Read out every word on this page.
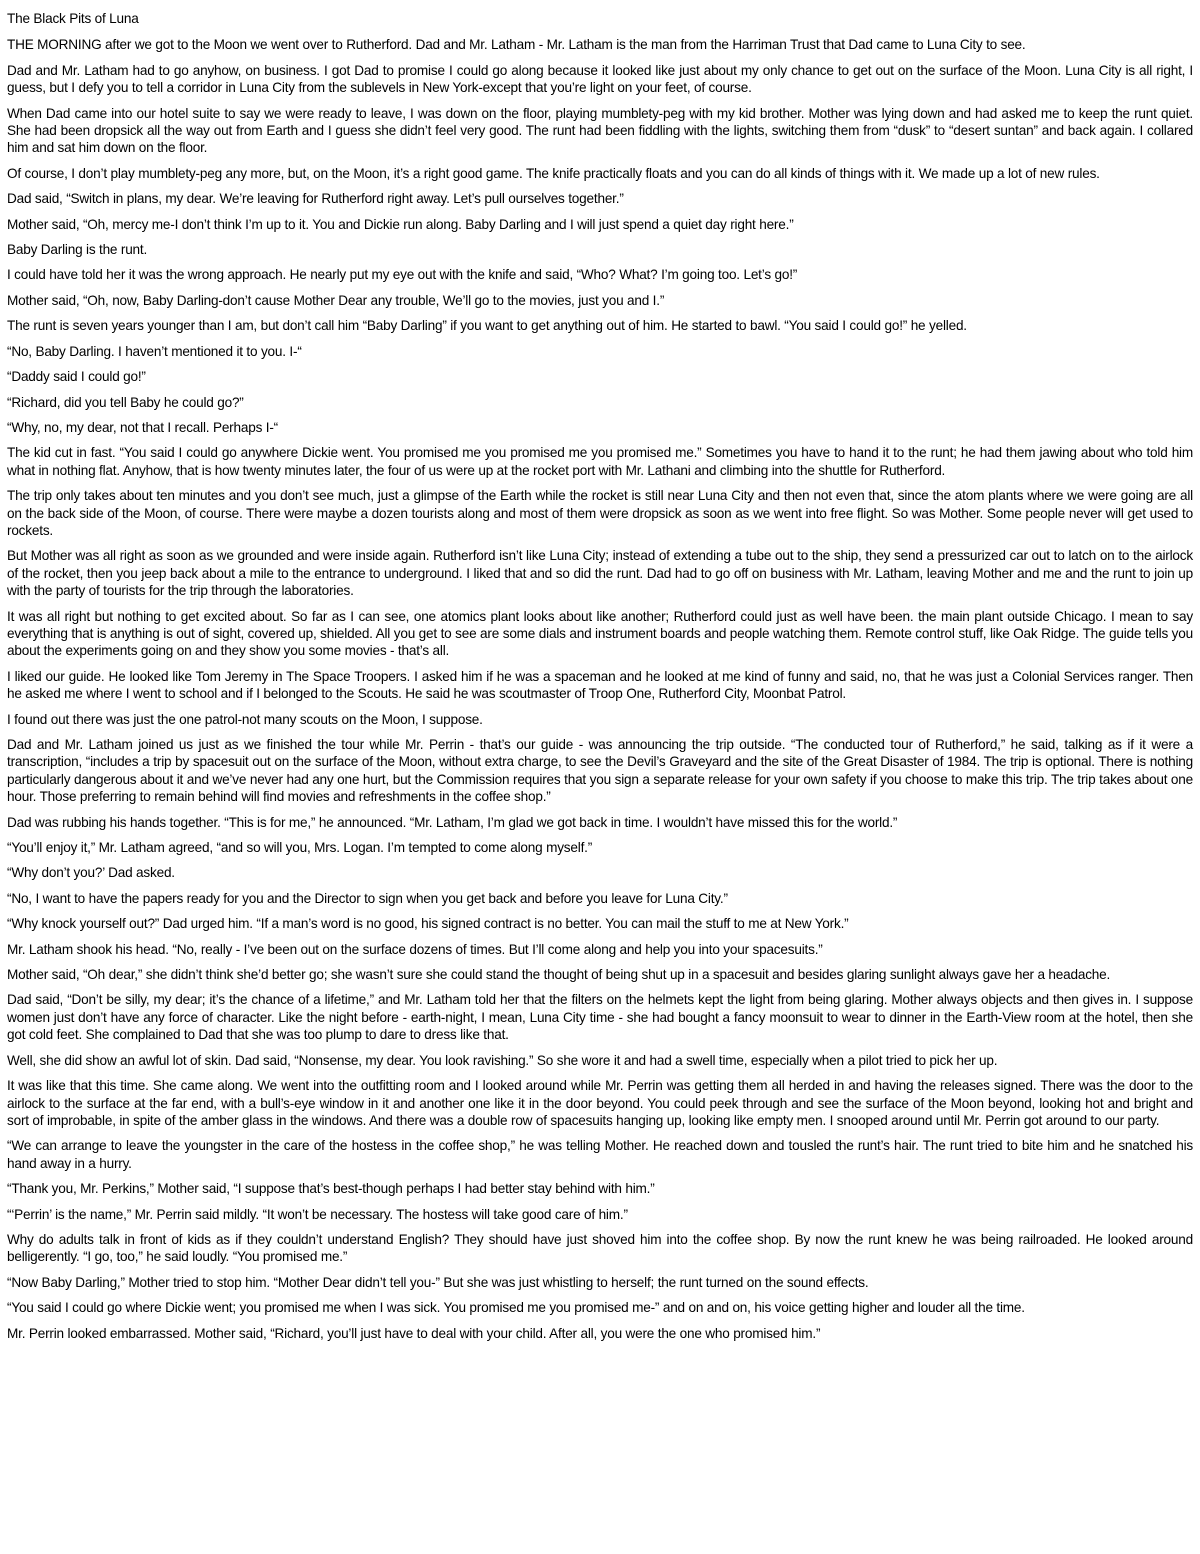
The Black Pits of Luna

THE MORNING after we got to the Moon we went over to Rutherford. Dad and Mr. Latham - Mr. Latham is the man from the Harriman Trust that Dad came to Luna City to see.

Dad and Mr. Latham had to go anyhow, on business. I got Dad to promise I could go along because it looked like just about my only chance to get out on the surface of the Moon. Luna City is all right, I guess, but I defy you to tell a corridor in Luna City from the sublevels in New York-except that you’re light on your feet, of course.

When Dad came into our hotel suite to say we were ready to leave, I was down on the floor, playing mumblety-peg with my kid brother. Mother was lying down and had asked me to keep the runt quiet. She had been dropsick all the way out from Earth and I guess she didn’t feel very good. The runt had been fiddling with the lights, switching them from “dusk” to “desert suntan” and back again. I collared him and sat him down on the floor.

Of course, I don’t play mumblety-peg any more, but, on the Moon, it’s a right good game. The knife practically floats and you can do all kinds of things with it. We made up a lot of new rules.

Dad said, “Switch in plans, my dear. We’re leaving for Rutherford right away. Let’s pull ourselves together.”

Mother said, “Oh, mercy me-I don’t think I’m up to it. You and Dickie run along. Baby Darling and I will just spend a quiet day right here.”

Baby Darling is the runt.

I could have told her it was the wrong approach. He nearly put my eye out with the knife and said, “Who? What? I’m going too. Let’s go!”

Mother said, “Oh, now, Baby Darling-don’t cause Mother Dear any trouble, We’ll go to the movies, just you and I.”

The runt is seven years younger than I am, but don’t call him “Baby Darling” if you want to get anything out of him. He started to bawl. “You said I could go!” he yelled.

“No, Baby Darling. I haven’t mentioned it to you. I-“

“Daddy said I could go!”

“Richard, did you tell Baby he could go?”

“Why, no, my dear, not that I recall. Perhaps I-“

The kid cut in fast. “You said I could go anywhere Dickie went. You promised me you promised me you promised me.” Sometimes you have to hand it to the runt; he had them jawing about who told him what in nothing flat. Anyhow, that is how twenty minutes later, the four of us were up at the rocket port with Mr. Lathani and climbing into the shuttle for Rutherford.

The trip only takes about ten minutes and you don’t see much, just a glimpse of the Earth while the rocket is still near Luna City and then not even that, since the atom plants where we were going are all on the back side of the Moon, of course. There were maybe a dozen tourists along and most of them were dropsick as soon as we went into free flight. So was Mother. Some people never will get used to rockets.

But Mother was all right as soon as we grounded and were inside again. Rutherford isn’t like Luna City; instead of extending a tube out to the ship, they send a pressurized car out to latch on to the airlock of the rocket, then you jeep back about a mile to the entrance to underground. I liked that and so did the runt. Dad had to go off on business with Mr. Latham, leaving Mother and me and the runt to join up with the party of tourists for the trip through the laboratories.

It was all right but nothing to get excited about. So far as I can see, one atomics plant looks about like another; Rutherford could just as well have been. the main plant outside Chicago. I mean to say everything that is anything is out of sight, covered up, shielded. All you get to see are some dials and instrument boards and people watching them. Remote control stuff, like Oak Ridge. The guide tells you about the experiments going on and they show you some movies - that’s all.

I liked our guide. He looked like Tom Jeremy in The Space Troopers. I asked him if he was a spaceman and he looked at me kind of funny and said, no, that he was just a Colonial Services ranger. Then he asked me where I went to school and if I belonged to the Scouts. He said he was scoutmaster of Troop One, Rutherford City, Moonbat Patrol.

I found out there was just the one patrol-not many scouts on the Moon, I suppose.

Dad and Mr. Latham joined us just as we finished the tour while Mr. Perrin - that’s our guide - was announcing the trip outside. “The conducted tour of Rutherford,” he said, talking as if it were a transcription, “includes a trip by spacesuit out on the surface of the Moon, without extra charge, to see the Devil’s Graveyard and the site of the Great Disaster of 1984. The trip is optional. There is nothing particularly dangerous about it and we’ve never had any one hurt, but the Commission requires that you sign a separate release for your own safety if you choose to make this trip. The trip takes about one hour. Those preferring to remain behind will find movies and refreshments in the coffee shop.”

Dad was rubbing his hands together. “This is for me,” he announced. “Mr. Latham, I’m glad we got back in time. I wouldn’t have missed this for the world.”

“You’ll enjoy it,” Mr. Latham agreed, “and so will you, Mrs. Logan. I’m tempted to come along myself.”

“Why don’t you?’ Dad asked.

“No, I want to have the papers ready for you and the Director to sign when you get back and before you leave for Luna City.”

“Why knock yourself out?” Dad urged him. “If a man’s word is no good, his signed contract is no better. You can mail the stuff to me at New York.”

Mr. Latham shook his head. “No, really - I’ve been out on the surface dozens of times. But I’ll come along and help you into your spacesuits.”

Mother said, “Oh dear,” she didn’t think she’d better go; she wasn’t sure she could stand the thought of being shut up in a spacesuit and besides glaring sunlight always gave her a headache.

Dad said, “Don’t be silly, my dear; it’s the chance of a lifetime,” and Mr. Latham told her that the filters on the helmets kept the light from being glaring. Mother always objects and then gives in. I suppose women just don’t have any force of character. Like the night before - earth-night, I mean, Luna City time - she had bought a fancy moonsuit to wear to dinner in the Earth-View room at the hotel, then she got cold feet. She complained to Dad that she was too plump to dare to dress like that.

Well, she did show an awful lot of skin. Dad said, “Nonsense, my dear. You look ravishing.” So she wore it and had a swell time, especially when a pilot tried to pick her up.

It was like that this time. She came along. We went into the outfitting room and I looked around while Mr. Perrin was getting them all herded in and having the releases signed. There was the door to the airlock to the surface at the far end, with a bull’s-eye window in it and another one like it in the door beyond. You could peek through and see the surface of the Moon beyond, looking hot and bright and sort of improbable, in spite of the amber glass in the windows. And there was a double row of spacesuits hanging up, looking like empty men. I snooped around until Mr. Perrin got around to our party.

“We can arrange to leave the youngster in the care of the hostess in the coffee shop,” he was telling Mother. He reached down and tousled the runt’s hair. The runt tried to bite him and he snatched his hand away in a hurry.

“Thank you, Mr. Perkins,” Mother said, “I suppose that’s best-though perhaps I had better stay behind with him.”

“‘Perrin’ is the name,” Mr. Perrin said mildly. “It won’t be necessary. The hostess will take good care of him.”

Why do adults talk in front of kids as if they couldn’t understand English? They should have just shoved him into the coffee shop. By now the runt knew he was being railroaded. He looked around belligerently. “I go, too,” he said loudly. “You promised me.”

“Now Baby Darling,” Mother tried to stop him. “Mother Dear didn’t tell you-” But she was just whistling to herself; the runt turned on the sound effects.

“You said I could go where Dickie went; you promised me when I was sick. You promised me you promised me-” and on and on, his voice getting higher and louder all the time.

Mr. Perrin looked embarrassed. Mother said, “Richard, you’ll just have to deal with your child. After all, you were the one who promised him.”
